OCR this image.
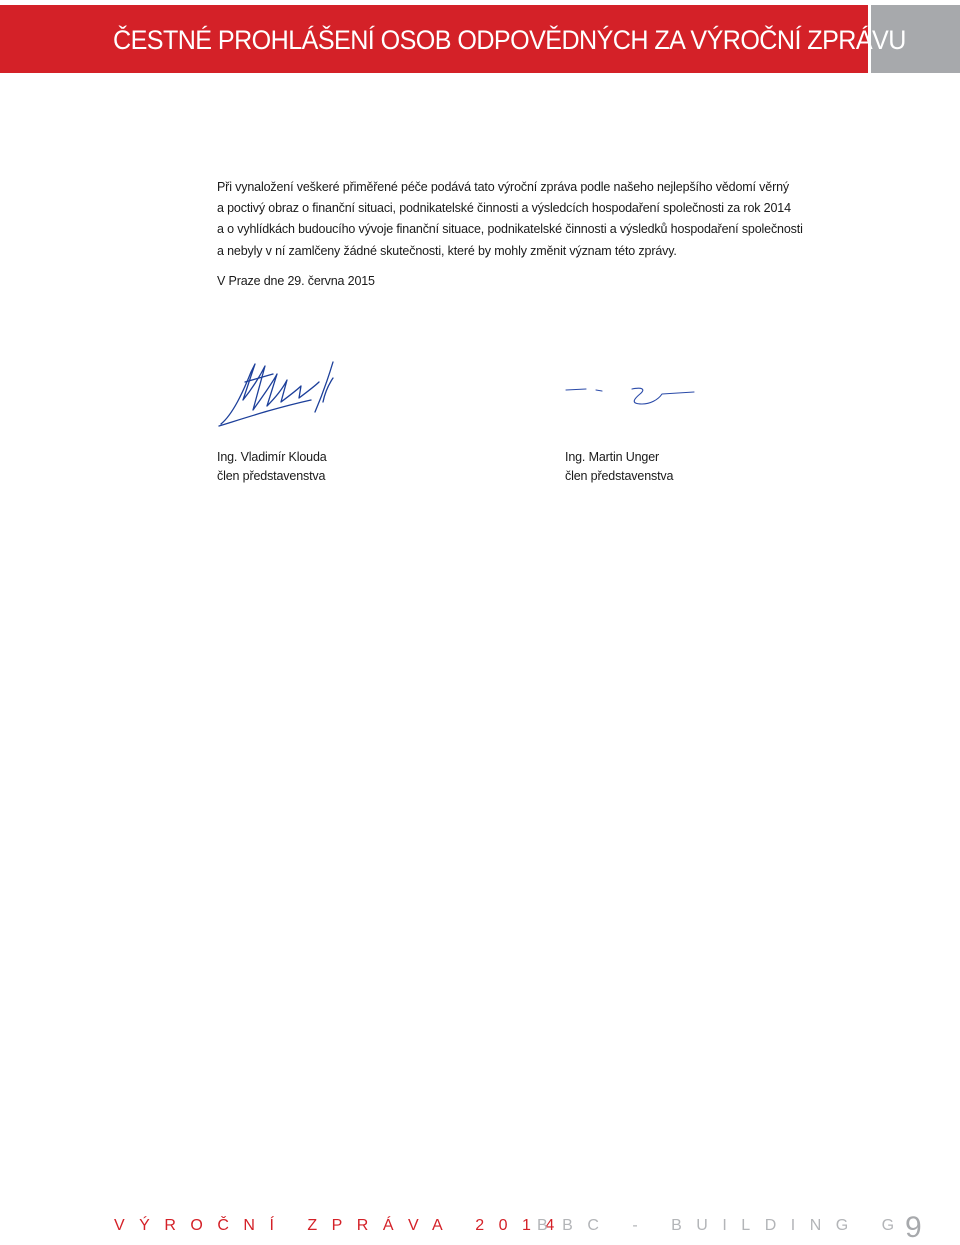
ČESTNÉ PROHLÁŠENÍ OSOB ODPOVĚDNÝCH ZA VÝROČNÍ ZPRÁVU
Při vynaložení veškeré přiměřené péče podává tato výroční zpráva podle našeho nejlepšího vědomí věrný
a poctivý obraz o finanční situaci, podnikatelské činnosti a výsledcích hospodaření společnosti za rok 2014
a o vyhlídkách budoucího vývoje finanční situace, podnikatelské činnosti a výsledků hospodaření společnosti
a nebyly v ní zamlčeny žádné skutečnosti, které by mohly změnit význam této zprávy.
V Praze dne 29. června 2015
Ing. Vladimír Klouda
člen představenstva
Ing. Martin Unger
člen představenstva
VÝROČNÍ ZPRÁVA 2014
BBC - BUILDING G
9
